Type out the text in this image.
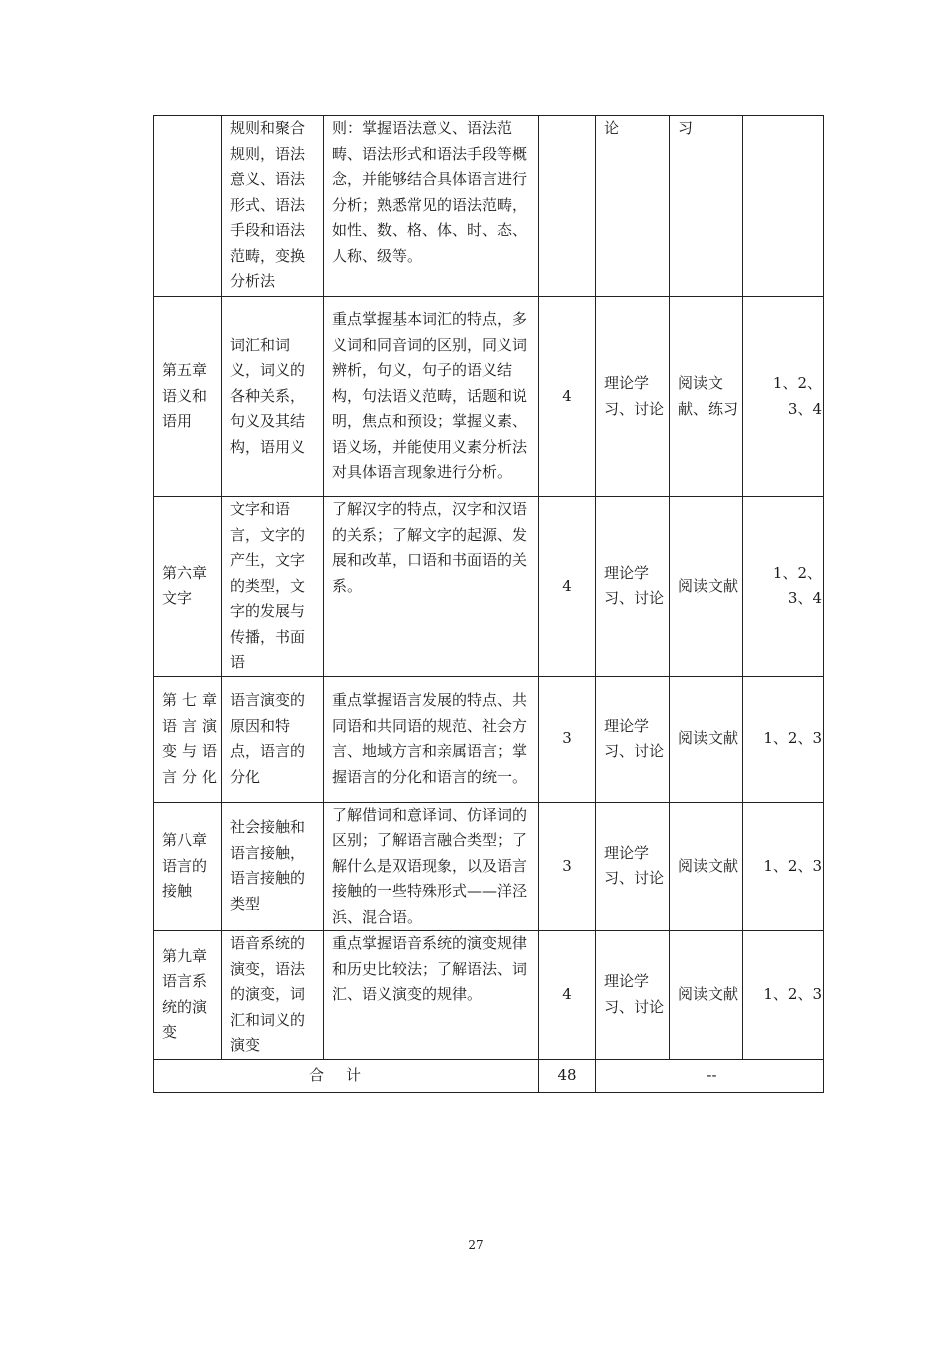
	规则和聚合规则，语法意义、语法形式、语法手段和语法范畴，变换分析法	则：掌握语法意义、语法范畴、语法形式和语法手段等概念，并能够结合具体语言进行分析；熟悉常见的语法范畴，如性、数、格、体、时、态、人称、级等。		论	习	
第五章语义和语用	词汇和词义，词义的各种关系，句义及其结构，语用义	重点掌握基本词汇的特点，多义词和同音词的区别，同义词辨析，句义，句子的语义结构，句法语义范畴，话题和说明，焦点和预设；掌握义素、语义场，并能使用义素分析法对具体语言现象进行分析。	4	理论学习、讨论	阅读文献、练习	1、2、3、4
第六章文字	文字和语言，文字的产生，文字的类型，文字的发展与传播，书面语	了解汉字的特点，汉字和汉语的关系；了解文字的起源、发展和改革，口语和书面语的关系。	4	理论学习、讨论	阅读文献	1、2、3、4
第七章语言演变与语言分化	语言演变的原因和特点，语言的分化	重点掌握语言发展的特点、共同语和共同语的规范、社会方言、地域方言和亲属语言；掌握语言的分化和语言的统一。	3	理论学习、讨论	阅读文献	1、2、3
第八章语言的接触	社会接触和语言接触，语言接触的类型	了解借词和意译词、仿译词的区别；了解语言融合类型；了解什么是双语现象，以及语言接触的一些特殊形式——洋泾浜、混合语。	3	理论学习、讨论	阅读文献	1、2、3
第九章语言系统的演变	语音系统的演变，语法的演变，词汇和词义的演变	重点掌握语音系统的演变规律和历史比较法；了解语法、词汇、语义演变的规律。	4	理论学习、讨论	阅读文献	1、2、3
合计			48	--		
27
